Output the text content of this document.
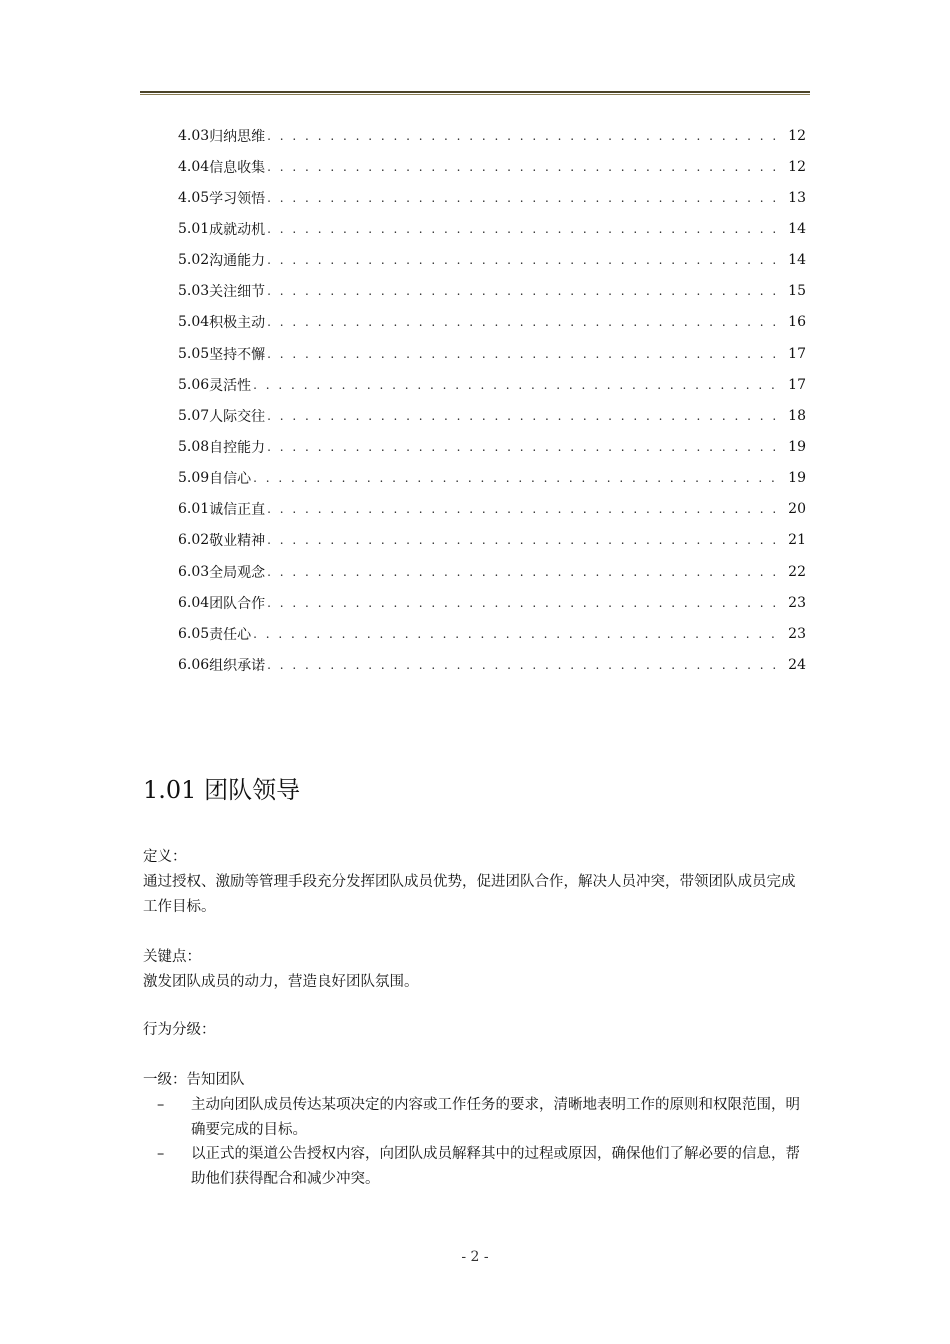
4.03 归纳思维 . . .	12
4.04 信息收集 . . .	12
4.05 学习领悟 . . .	13
5.01 成就动机 . . .	14
5.02 沟通能力 . . .	14
5.03 关注细节 . . .	15
5.04 积极主动 . . .	16
5.05 坚持不懈 . . .	17
5.06 灵活性 . . .	17
5.07 人际交往 . . .	18
5.08 自控能力 . . .	19
5.09 自信心 . . .	19
6.01 诚信正直 . . .	20
6.02 敬业精神 . . .	21
6.03 全局观念 . . .	22
6.04 团队合作 . . .	23
6.05 责任心 . . .	23
6.06 组织承诺 . . .	24
1.01 团队领导
定义：
通过授权、激励等管理手段充分发挥团队成员优势，促进团队合作，解决人员冲突，带领团队成员完成工作目标。
关键点：
激发团队成员的动力，营造良好团队氛围。
行为分级：
一级：告知团队
–	主动向团队成员传达某项决定的内容或工作任务的要求，清晰地表明工作的原则和权限范围，明确要完成的目标。
–	以正式的渠道公告授权内容，向团队成员解释其中的过程或原因，确保他们了解必要的信息，帮助他们获得配合和减少冲突。
- 2 -
